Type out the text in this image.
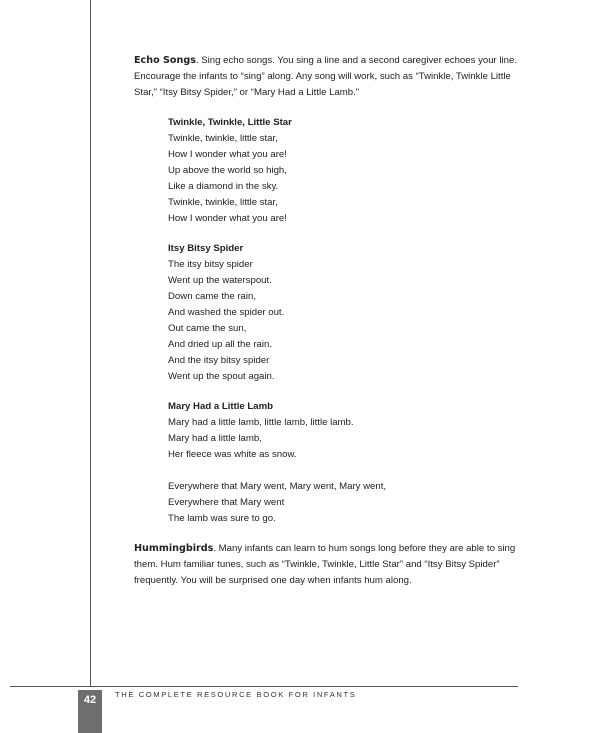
Echo Songs. Sing echo songs. You sing a line and a second caregiver echoes your line. Encourage the infants to “sing” along. Any song will work, such as “Twinkle, Twinkle Little Star,” “Itsy Bitsy Spider,” or “Mary Had a Little Lamb.”

Twinkle, Twinkle, Little Star

Twinkle, twinkle, little star,

How I wonder what you are!

Up above the world so high,

Like a diamond in the sky.

Twinkle, twinkle, little star,

How I wonder what you are!

Itsy Bitsy Spider

The itsy bitsy spider

Went up the waterspout.

Down came the rain,

And washed the spider out.

Out came the sun,

And dried up all the rain.

And the itsy bitsy spider

Went up the spout again.

Mary Had a Little Lamb

Mary had a little lamb, little lamb, little lamb.

Mary had a little lamb,

Her fleece was white as snow.

Everywhere that Mary went, Mary went, Mary went,

Everywhere that Mary went

The lamb was sure to go.

Hummingbirds. Many infants can learn to hum songs long before they are able to sing them. Hum familiar tunes, such as “Twinkle, Twinkle, Little Star” and “Itsy Bitsy Spider” frequently. You will be surprised one day when infants hum along.

42	THE COMPLETE RESOURCE BOOK FOR INFANTS
